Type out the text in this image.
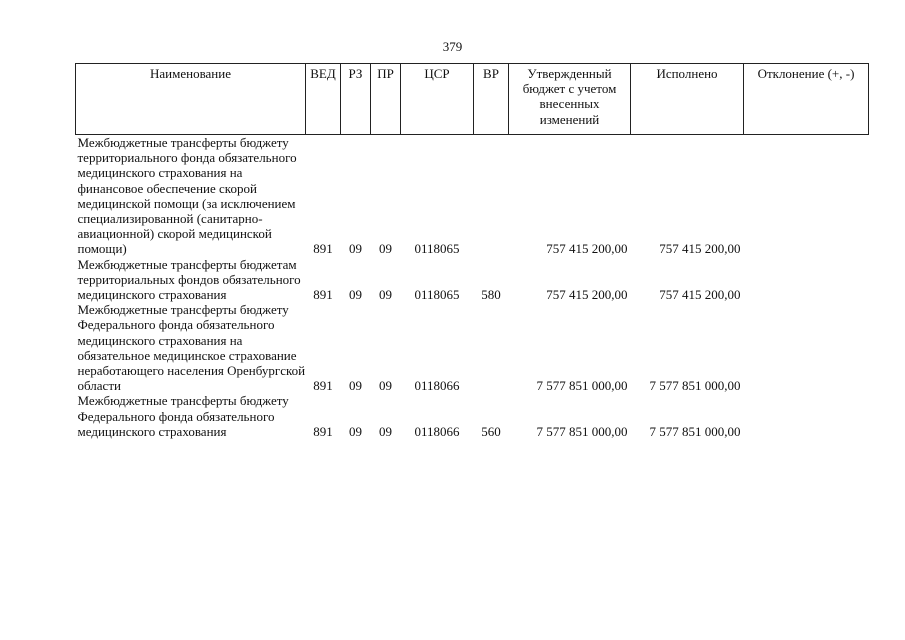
379
Наименование	ВЕД	РЗ	ПР	ЦСР	ВР	Утвержденный бюджет с учетом внесенных изменений	Исполнено	Отклонение (+, -)
Межбюджетные трансферты бюджету территориального фонда обязательного медицинского страхования на финансовое обеспечение скорой медицинской помощи (за исключением специализированной (санитарно-авиационной) скорой медицинской помощи)	891	09	09	0118065		757 415 200,00	757 415 200,00	
Межбюджетные трансферты бюджетам территориальных фондов обязательного медицинского страхования	891	09	09	0118065	580	757 415 200,00	757 415 200,00	
Межбюджетные трансферты бюджету Федерального фонда обязательного медицинского страхования на обязательное медицинское страхование неработающего населения Оренбургской области	891	09	09	0118066		7 577 851 000,00	7 577 851 000,00	
Межбюджетные трансферты бюджету Федерального фонда обязательного медицинского страхования	891	09	09	0118066	560	7 577 851 000,00	7 577 851 000,00	
